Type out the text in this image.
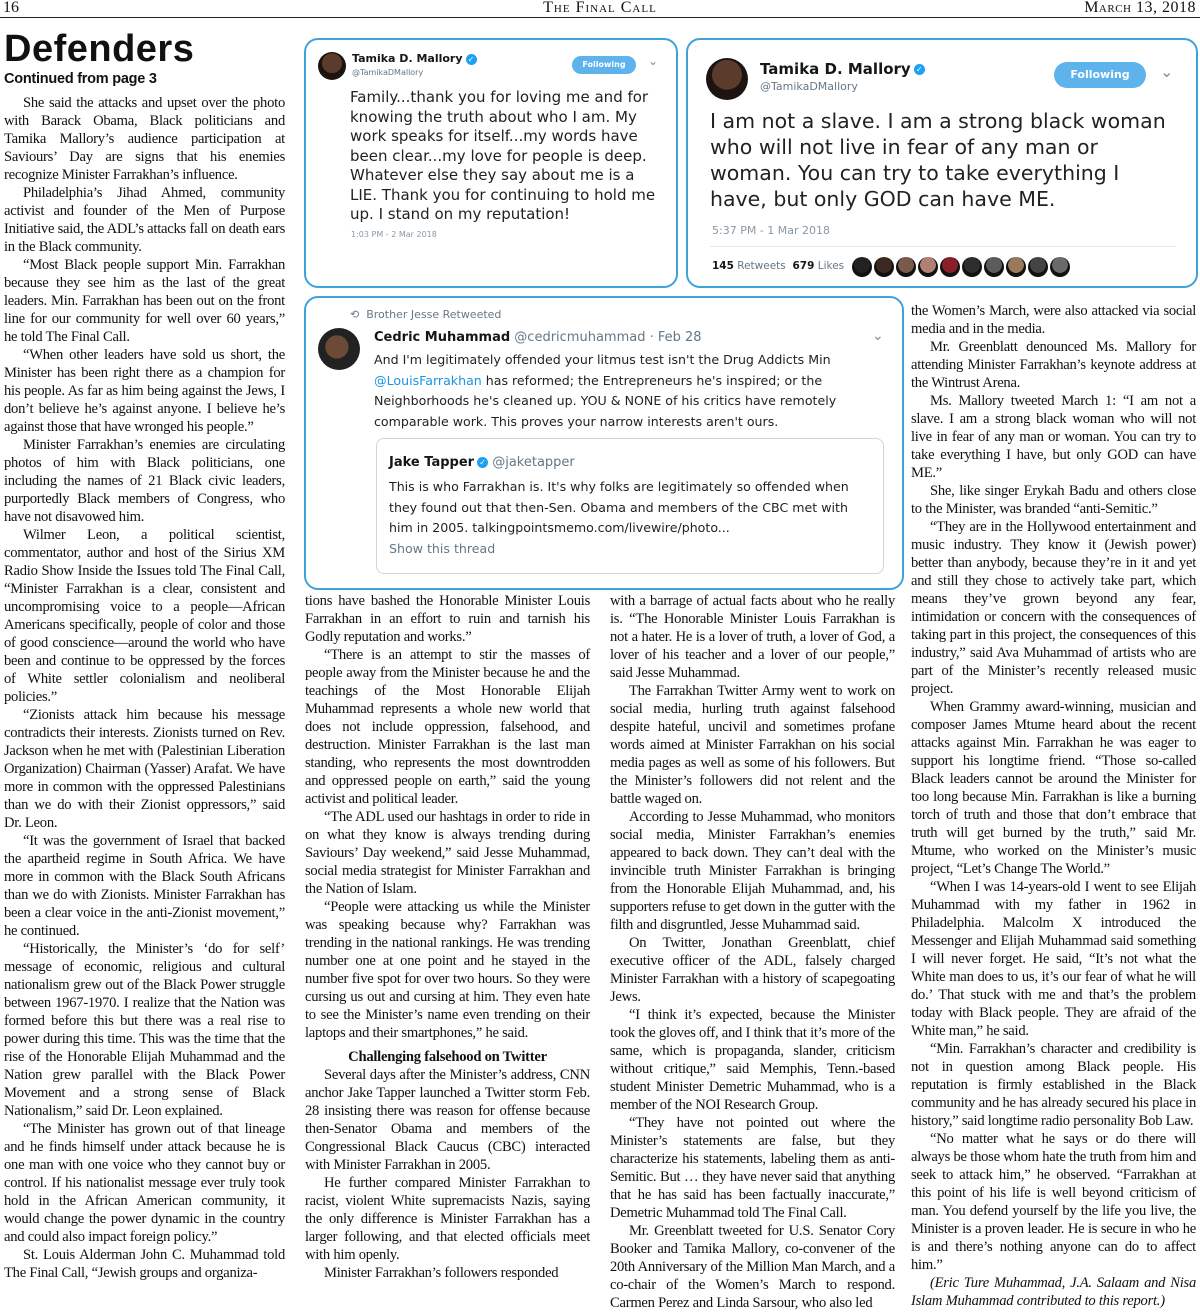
16	The Final Call	March 13, 2018
Defenders
Continued from page 3

She said the attacks and upset over the photo with Barack Obama, Black politicians and Tamika Mallory’s audience participation at Saviours’ Day are signs that his enemies recognize Minister Farrakhan’s influence.

Philadelphia’s Jihad Ahmed, community activist and founder of the Men of Purpose Initiative said, the ADL’s attacks fall on death ears in the Black community.

“Most Black people support Min. Farrakhan because they see him as the last of the great leaders. Min. Farrakhan has been out on the front line for our community for well over 60 years,” he told The Final Call.

“When other leaders have sold us short, the Minister has been right there as a champion for his people. As far as him being against the Jews, I don’t believe he’s against anyone. I believe he’s against those that have wronged his people.”

Minister Farrakhan’s enemies are circulating photos of him with Black politicians, one including the names of 21 Black civic leaders, purportedly Black members of Congress, who have not disavowed him.

Wilmer Leon, a political scientist, commentator, author and host of the Sirius XM Radio Show Inside the Issues told The Final Call, “Minister Farrakhan is a clear, consistent and uncompromising voice to a people—African Americans specifically, people of color and those of good conscience—around the world who have been and continue to be oppressed by the forces of White settler colonialism and neoliberal policies.”

“Zionists attack him because his message contradicts their interests. Zionists turned on Rev. Jackson when he met with (Palestinian Liberation Organization) Chairman (Yasser) Arafat. We have more in common with the oppressed Palestinians than we do with their Zionist oppressors,” said Dr. Leon.

“It was the government of Israel that backed the apartheid regime in South Africa. We have more in common with the Black South Africans than we do with Zionists. Minister Farrakhan has been a clear voice in the anti-Zionist movement,” he continued.

“Historically, the Minister’s ‘do for self’ message of economic, religious and cultural nationalism grew out of the Black Power struggle between 1967-1970. I realize that the Nation was formed before this but there was a real rise to power during this time. This was the time that the rise of the Honorable Elijah Muhammad and the Nation grew parallel with the Black Power Movement and a strong sense of Black Nationalism,” said Dr. Leon explained.

“The Minister has grown out of that lineage and he finds himself under attack because he is one man with one voice who they cannot buy or control. If his nationalist message ever truly took hold in the African American community, it would change the power dynamic in the country and could also impact foreign policy.”

St. Louis Alderman John C. Muhammad told The Final Call, “Jewish groups and organiza-

Tamika D. Mallory ✓
@TamikaDMallory
Following	⌄
Family...thank you for loving me and for knowing the truth about who I am. My work speaks for itself...my words have been clear...my love for people is deep. Whatever else they say about me is a LIE. Thank you for continuing to hold me up. I stand on my reputation!
1:03 PM - 2 Mar 2018
Tamika D. Mallory ✓
@TamikaDMallory
Following	⌄
I am not a slave. I am a strong black woman who will not live in fear of any man or woman. You can try to take everything I have, but only GOD can have ME.
5:37 PM - 1 Mar 2018
145 Retweets 679 Likes
⟲ Brother Jesse Retweeted
Cedric Muhammad @cedricmuhammad · Feb 28	⌄
And I'm legitimately offended your litmus test isn't the Drug Addicts Min @LouisFarrakhan has reformed; the Entrepreneurs he's inspired; or the Neighborhoods he's cleaned up. YOU & NONE of his critics have remotely comparable work. This proves your narrow interests aren't ours.
Jake Tapper ✓ @jaketapper
This is who Farrakhan is. It's why folks are legitimately so offended when they found out that then-Sen. Obama and members of the CBC met with him in 2005. talkingpointsmemo.com/livewire/photo...
Show this thread

tions have bashed the Honorable Minister Louis Farrakhan in an effort to ruin and tarnish his Godly reputation and works.”

“There is an attempt to stir the masses of people away from the Minister because he and the teachings of the Most Honorable Elijah Muhammad represents a whole new world that does not include oppression, falsehood, and destruction. Minister Farrakhan is the last man standing, who represents the most downtrodden and oppressed people on earth,” said the young activist and political leader.

“The ADL used our hashtags in order to ride in on what they know is always trending during Saviours’ Day weekend,” said Jesse Muhammad, social media strategist for Minister Farrakhan and the Nation of Islam.

“People were attacking us while the Minister was speaking because why? Farrakhan was trending in the national rankings. He was trending number one at one point and he stayed in the number five spot for over two hours. So they were cursing us out and cursing at him. They even hate to see the Minister’s name even trending on their laptops and their smartphones,” he said.

Challenging falsehood on Twitter

Several days after the Minister’s address, CNN anchor Jake Tapper launched a Twitter storm Feb. 28 insisting there was reason for offense because then-Senator Obama and members of the Congressional Black Caucus (CBC) interacted with Minister Farrakhan in 2005.

He further compared Minister Farrakhan to racist, violent White supremacists Nazis, saying the only difference is Minister Farrakhan has a larger following, and that elected officials meet with him openly.

Minister Farrakhan’s followers responded

with a barrage of actual facts about who he really is. “The Honorable Minister Louis Farrakhan is not a hater. He is a lover of truth, a lover of God, a lover of his teacher and a lover of our people,” said Jesse Muhammad.

The Farrakhan Twitter Army went to work on social media, hurling truth against falsehood despite hateful, uncivil and sometimes profane words aimed at Minister Farrakhan on his social media pages as well as some of his followers. But the Minister’s followers did not relent and the battle waged on.

According to Jesse Muhammad, who monitors social media, Minister Farrakhan’s enemies appeared to back down. They can’t deal with the invincible truth Minister Farrakhan is bringing from the Honorable Elijah Muhammad, and, his supporters refuse to get down in the gutter with the filth and disgruntled, Jesse Muhammad said.

On Twitter, Jonathan Greenblatt, chief executive officer of the ADL, falsely charged Minister Farrakhan with a history of scapegoating Jews.

“I think it’s expected, because the Minister took the gloves off, and I think that it’s more of the same, which is propaganda, slander, criticism without critique,” said Memphis, Tenn.-based student Minister Demetric Muhammad, who is a member of the NOI Research Group.

“They have not pointed out where the Minister’s statements are false, but they characterize his statements, labeling them as anti-Semitic. But … they have never said that anything that he has said has been factually inaccurate,” Demetric Muhammad told The Final Call.

Mr. Greenblatt tweeted for U.S. Senator Cory Booker and Tamika Mallory, co-convener of the 20th Anniversary of the Million Man March, and a co-chair of the Women’s March to respond. Carmen Perez and Linda Sarsour, who also led

the Women’s March, were also attacked via social media and in the media.

Mr. Greenblatt denounced Ms. Mallory for attending Minister Farrakhan’s keynote address at the Wintrust Arena.

Ms. Mallory tweeted March 1: “I am not a slave. I am a strong black woman who will not live in fear of any man or woman. You can try to take everything I have, but only GOD can have ME.”

She, like singer Erykah Badu and others close to the Minister, was branded “anti-Semitic.”

“They are in the Hollywood entertainment and music industry. They know it (Jewish power) better than anybody, because they’re in it and yet and still they chose to actively take part, which means they’ve grown beyond any fear, intimidation or concern with the consequences of taking part in this project, the consequences of this industry,” said Ava Muhammad of artists who are part of the Minister’s recently released music project.

When Grammy award-winning, musician and composer James Mtume heard about the recent attacks against Min. Farrakhan he was eager to support his longtime friend. “Those so-called Black leaders cannot be around the Minister for too long because Min. Farrakhan is like a burning torch of truth and those that don’t embrace that truth will get burned by the truth,” said Mr. Mtume, who worked on the Minister’s music project, “Let’s Change The World.”

“When I was 14-years-old I went to see Elijah Muhammad with my father in 1962 in Philadelphia. Malcolm X introduced the Messenger and Elijah Muhammad said something I will never forget. He said, “It’s not what the White man does to us, it’s our fear of what he will do.’ That stuck with me and that’s the problem today with Black people. They are afraid of the White man,” he said.

“Min. Farrakhan’s character and credibility is not in question among Black people. His reputation is firmly established in the Black community and he has already secured his place in history,” said longtime radio personality Bob Law.

“No matter what he says or do there will always be those whom hate the truth from him and seek to attack him,” he observed. “Farrakhan at this point of his life is well beyond criticism of man. You defend yourself by the life you live, the Minister is a proven leader. He is secure in who he is and there’s nothing anyone can do to affect him.”

(Eric Ture Muhammad, J.A. Salaam and Nisa Islam Muhammad contributed to this report.)
